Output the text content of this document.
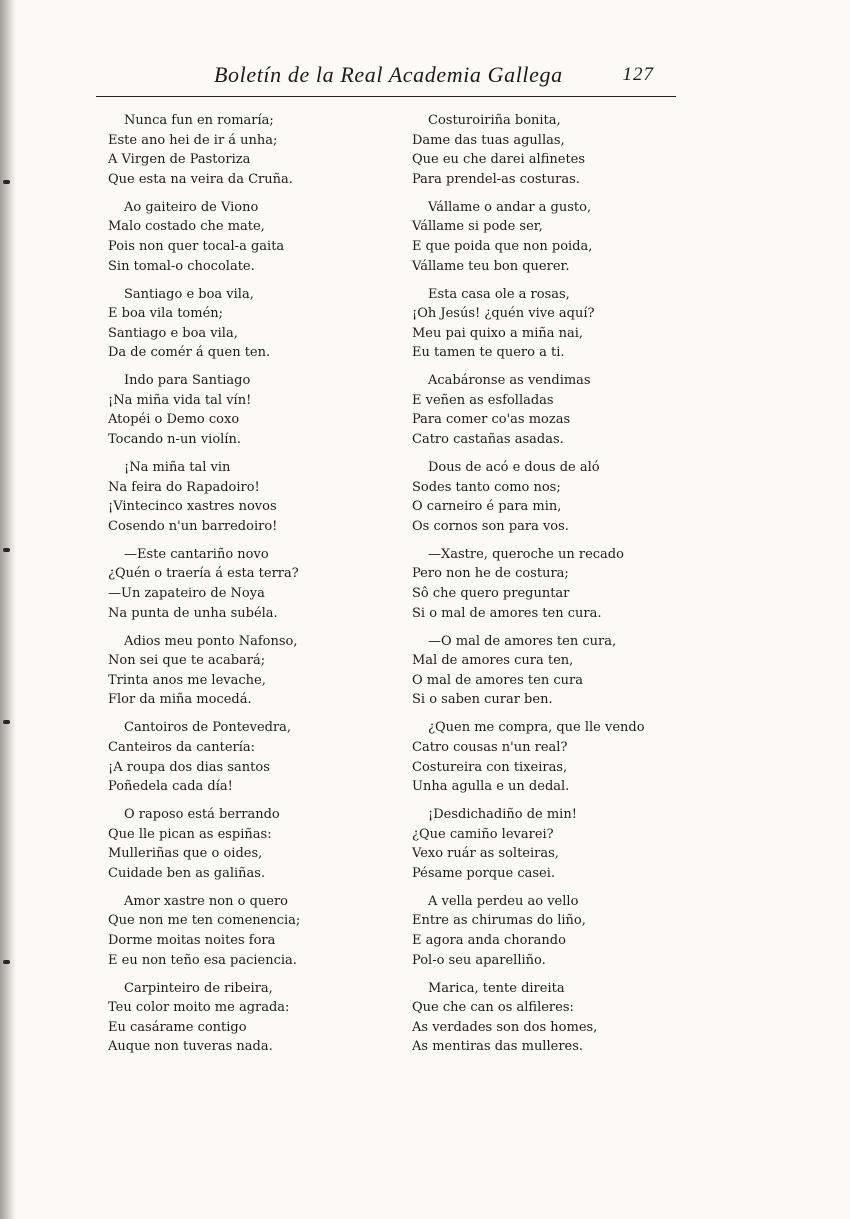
Boletín de la Real Academia Gallega	127
Nunca fun en romaría;
Este ano hei de ir á unha;
A Virgen de Pastoriza
Que esta na veira da Cruña.
Ao gaiteiro de Viono
Malo costado che mate,
Pois non quer tocal-a gaita
Sin tomal-o chocolate.
Santiago e boa vila,
E boa vila tomén;
Santiago e boa vila,
Da de comér á quen ten.
Indo para Santiago
¡Na miña vida tal vín!
Atopéi o Demo coxo
Tocando n-un violín.
¡Na miña tal vin
Na feira do Rapadoiro!
¡Vintecinco xastres novos
Cosendo n'un barredoiro!
—Este cantariño novo
¿Quén o traería á esta terra?
—Un zapateiro de Noya
Na punta de unha subéla.
Adios meu ponto Nafonso,
Non sei que te acabará;
Trinta anos me levache,
Flor da miña mocedá.
Cantoiros de Pontevedra,
Canteiros da cantería:
¡A roupa dos dias santos
Poñedela cada día!
O raposo está berrando
Que lle pican as espiñas:
Mulleriñas que o oides,
Cuidade ben as galiñas.
Amor xastre non o quero
Que non me ten comenencia;
Dorme moitas noites fora
E eu non teño esa paciencia.
Carpinteiro de ribeira,
Teu color moito me agrada:
Eu casárame contigo
Auque non tuveras nada.
Costuroiriña bonita,
Dame das tuas agullas,
Que eu che darei alfinetes
Para prendel-as costuras.
Vállame o andar a gusto,
Vállame si pode ser,
E que poida que non poida,
Vállame teu bon querer.
Esta casa ole a rosas,
¡Oh Jesús! ¿quén vive aquí?
Meu pai quixo a miña nai,
Eu tamen te quero a ti.
Acabáronse as vendimas
E veñen as esfolladas
Para comer co'as mozas
Catro castañas asadas.
Dous de acó e dous de aló
Sodes tanto como nos;
O carneiro é para min,
Os cornos son para vos.
—Xastre, queroche un recado
Pero non he de costura;
Sô che quero preguntar
Si o mal de amores ten cura.
—O mal de amores ten cura,
Mal de amores cura ten,
O mal de amores ten cura
Si o saben curar ben.
¿Quen me compra, que lle vendo
Catro cousas n'un real?
Costureira con tixeiras,
Unha agulla e un dedal.
¡Desdichadiño de min!
¿Que camiño levarei?
Vexo ruár as solteiras,
Pésame porque casei.
A vella perdeu ao vello
Entre as chirumas do liño,
E agora anda chorando
Pol-o seu aparelliño.
Marica, tente direita
Que che can os alfileres:
As verdades son dos homes,
As mentiras das mulleres.
